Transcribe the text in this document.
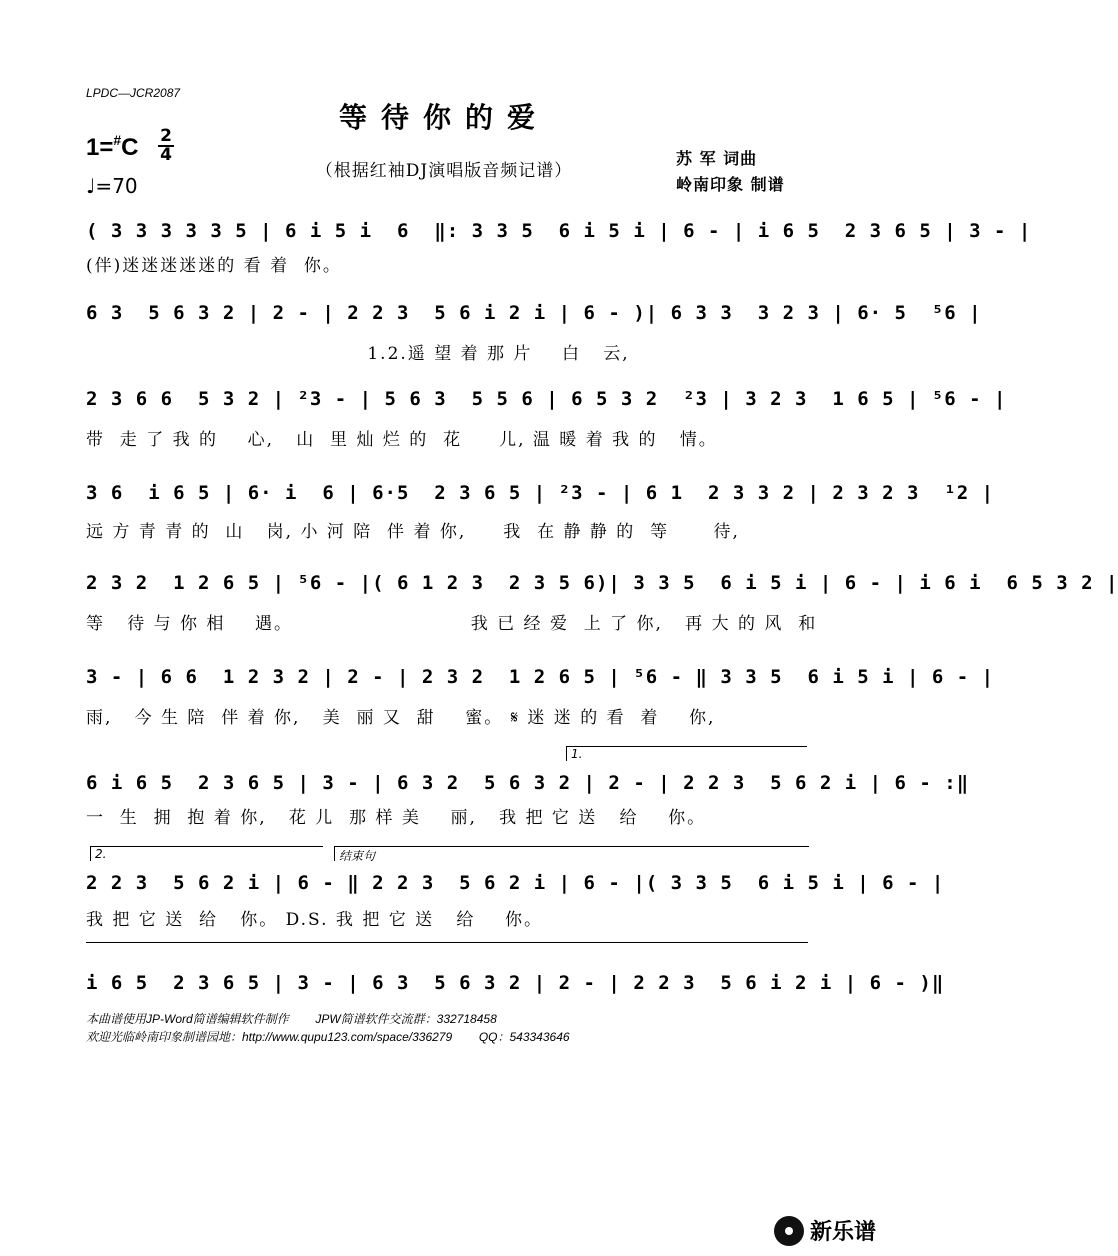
LPDC—JCR2087
等待你的爱
1=#C 2
4
♩=70
（根据红袖DJ演唱版音频记谱）
苏 军 词曲
岭南印象 制谱
( 3 3 3 3 3 5 | 6 i 5 i  6  ‖: 3 3 5  6 i 5 i | 6 - | i 6 5  2 3 6 5 | 3 - |
(伴)迷迷迷迷迷的 看 着  你。
6 3  5 6 3 2 | 2 - | 2 2 3  5 6 i 2 i | 6 - )| 6 3 3  3 2 3 | 6· 5  ⁵6 |
1.2.遥 望 着 那 片    白   云,
2 3 6 6  5 3 2 | ²3 - | 5 6 3  5 5 6 | 6 5 3 2  ²3 | 3 2 3  1 6 5 | ⁵6 - |
带  走 了 我 的    心,   山  里 灿 烂 的  花     儿, 温 暖 着 我 的   情。
3 6  i 6 5 | 6· i  6 | 6·5  2 3 6 5 | ²3 - | 6 1  2 3 3 2 | 2 3 2 3  ¹2 |
远 方 青 青 的  山   岗, 小 河 陪  伴 着 你,     我  在 静 静 的  等      待,
2 3 2  1 2 6 5 | ⁵6 - |( 6 1 2 3  2 3 5 6)| 3 3 5  6 i 5 i | 6 - | i 6 i  6 5 3 2 |
等   待 与 你 相    遇。                        我 已 经 爱  上 了 你,   再 大 的 风  和
3 - | 6 6  1 2 3 2 | 2 - | 2 3 2  1 2 6 5 | ⁵6 - ‖ 3 3 5  6 i 5 i | 6 - |
雨,   今 生 陪  伴 着 你,   美  丽 又  甜    蜜。 𝄋 迷 迷 的 看  着    你,
1.
6 i 6 5  2 3 6 5 | 3 - | 6 3 2  5 6 3 2 | 2 - | 2 2 3  5 6 2 i | 6 - :‖
一  生  拥  抱 着 你,   花 儿  那 样 美    丽,   我 把 它 送   给    你。
2.	结束句
2 2 3  5 6 2 i | 6 - ‖ 2 2 3  5 6 2 i | 6 - |( 3 3 5  6 i 5 i | 6 - |
我 把 它 送  给   你。 D.S. 我 把 它 送   给    你。
i 6 5  2 3 6 5 | 3 - | 6 3  5 6 3 2 | 2 - | 2 2 3  5 6 i 2 i | 6 - )‖
本曲谱使用JP-Word简谱编辑软件制作        JPW简谱软件交流群：332718458
欢迎光临岭南印象制谱园地：http://www.qupu123.com/space/336279        QQ：543343646
新乐谱
